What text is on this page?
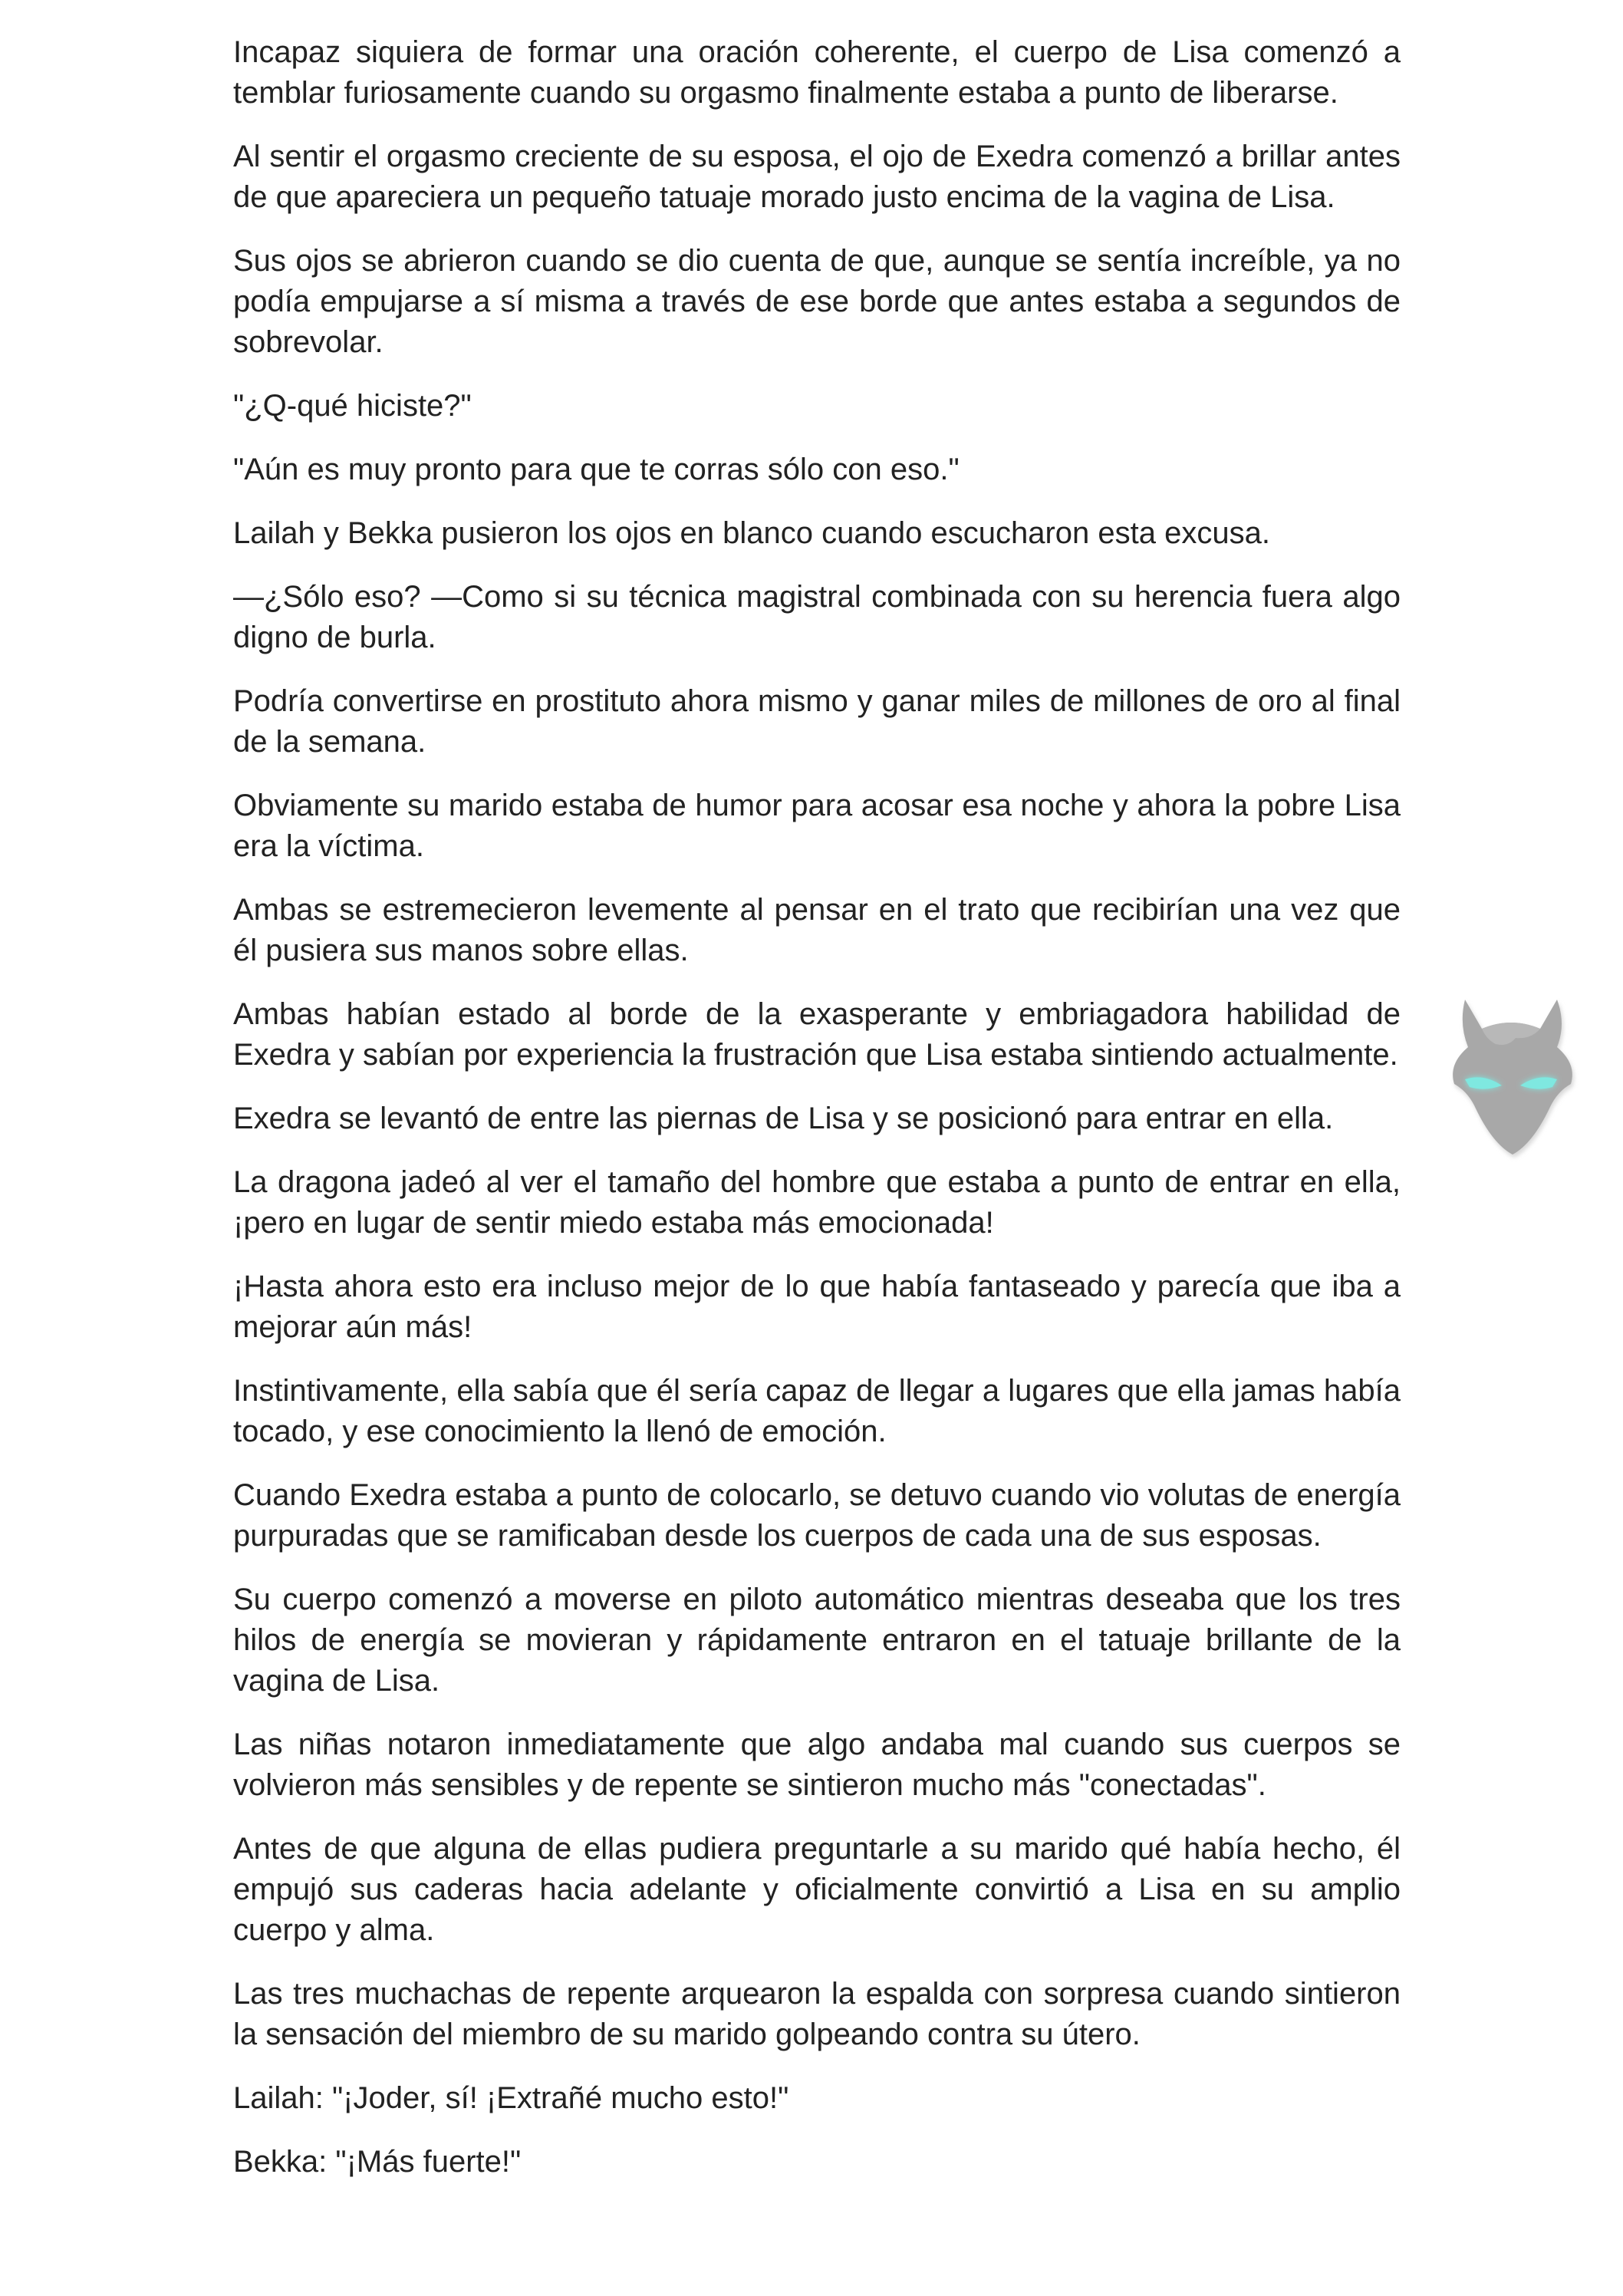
Incapaz siquiera de formar una oración coherente, el cuerpo de Lisa comenzó a temblar furiosamente cuando su orgasmo finalmente estaba a punto de liberarse.

Al sentir el orgasmo creciente de su esposa, el ojo de Exedra comenzó a brillar antes de que apareciera un pequeño tatuaje morado justo encima de la vagina de Lisa.

Sus ojos se abrieron cuando se dio cuenta de que, aunque se sentía increíble, ya no podía empujarse a sí misma a través de ese borde que antes estaba a segundos de sobrevolar.

"¿Q-qué hiciste?"

"Aún es muy pronto para que te corras sólo con eso."

Lailah y Bekka pusieron los ojos en blanco cuando escucharon esta excusa.

—¿Sólo eso? —Como si su técnica magistral combinada con su herencia fuera algo digno de burla.

Podría convertirse en prostituto ahora mismo y ganar miles de millones de oro al final de la semana.

Obviamente su marido estaba de humor para acosar esa noche y ahora la pobre Lisa era la víctima.

Ambas se estremecieron levemente al pensar en el trato que recibirían una vez que él pusiera sus manos sobre ellas.

Ambas habían estado al borde de la exasperante y embriagadora habilidad de Exedra y sabían por experiencia la frustración que Lisa estaba sintiendo actualmente.

Exedra se levantó de entre las piernas de Lisa y se posicionó para entrar en ella.

La dragona jadeó al ver el tamaño del hombre que estaba a punto de entrar en ella, ¡pero en lugar de sentir miedo estaba más emocionada!

¡Hasta ahora esto era incluso mejor de lo que había fantaseado y parecía que iba a mejorar aún más!

Instintivamente, ella sabía que él sería capaz de llegar a lugares que ella jamas había tocado, y ese conocimiento la llenó de emoción.

Cuando Exedra estaba a punto de colocarlo, se detuvo cuando vio volutas de energía purpuradas que se ramificaban desde los cuerpos de cada una de sus esposas.

Su cuerpo comenzó a moverse en piloto automático mientras deseaba que los tres hilos de energía se movieran y rápidamente entraron en el tatuaje brillante de la vagina de Lisa.

Las niñas notaron inmediatamente que algo andaba mal cuando sus cuerpos se volvieron más sensibles y de repente se sintieron mucho más "conectadas".

Antes de que alguna de ellas pudiera preguntarle a su marido qué había hecho, él empujó sus caderas hacia adelante y oficialmente convirtió a Lisa en su amplio cuerpo y alma.

Las tres muchachas de repente arquearon la espalda con sorpresa cuando sintieron la sensación del miembro de su marido golpeando contra su útero.

Lailah: "¡Joder, sí! ¡Extrañé mucho esto!"

Bekka: "¡Más fuerte!"
